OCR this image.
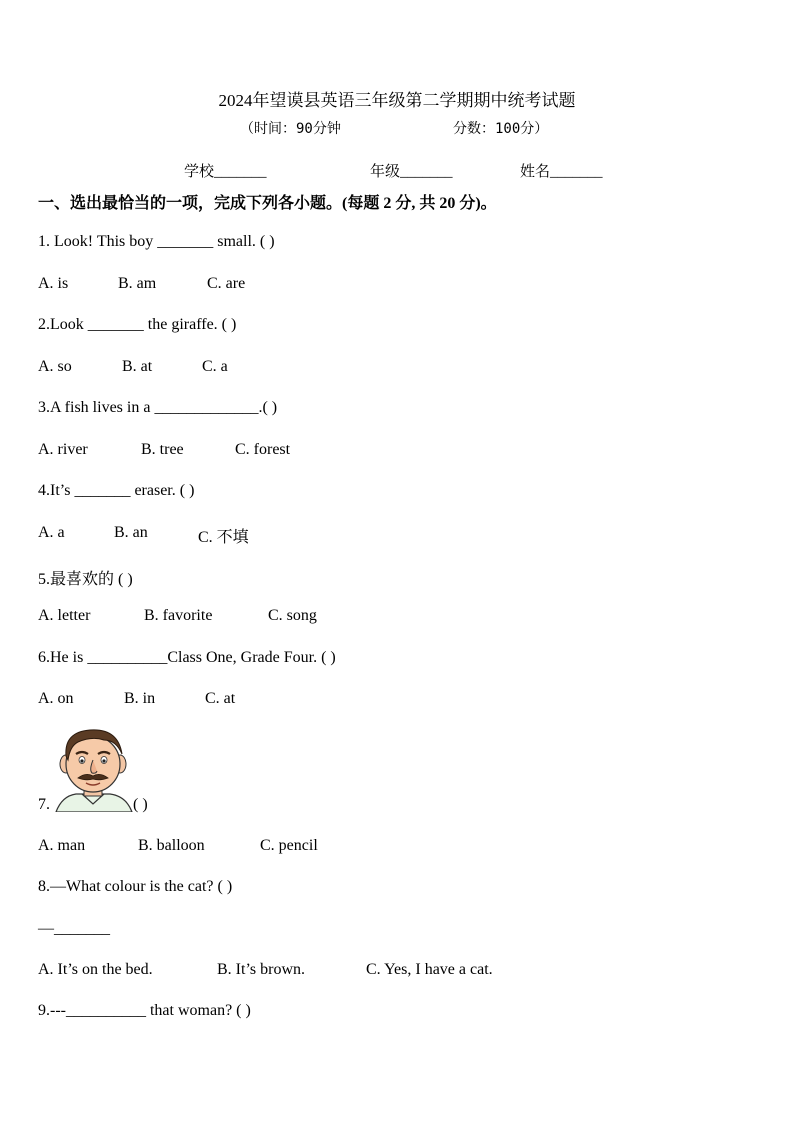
2024年望谟县英语三年级第二学期期中统考试题
（时间：90分钟	分数：100分）
学校_______	年级_______	姓名_______
一、选出最恰当的一项，完成下列各小题。(每题 2 分, 共 20 分)。
1. Look! This boy _______ small. ( )
A. is	B. am	C. are
2.Look _______ the giraffe. ( )
A. so	B. at	C. a
3.A fish lives in a _____________.( )
A. river	B. tree	C. forest
4.It’s _______ eraser. ( )
A. a	B. an	C. 不填
5.最喜欢的 ( )
A. letter	B. favorite	C. song
6.He is __________Class One, Grade Four. ( )
A. on	B. in	C. at
7.	( )
A. man	B. balloon	C. pencil
8.—What colour is the cat? ( )
—_______
A. It’s on the bed.	B. It’s brown.	C. Yes, I have a cat.
9.---__________ that woman? ( )
